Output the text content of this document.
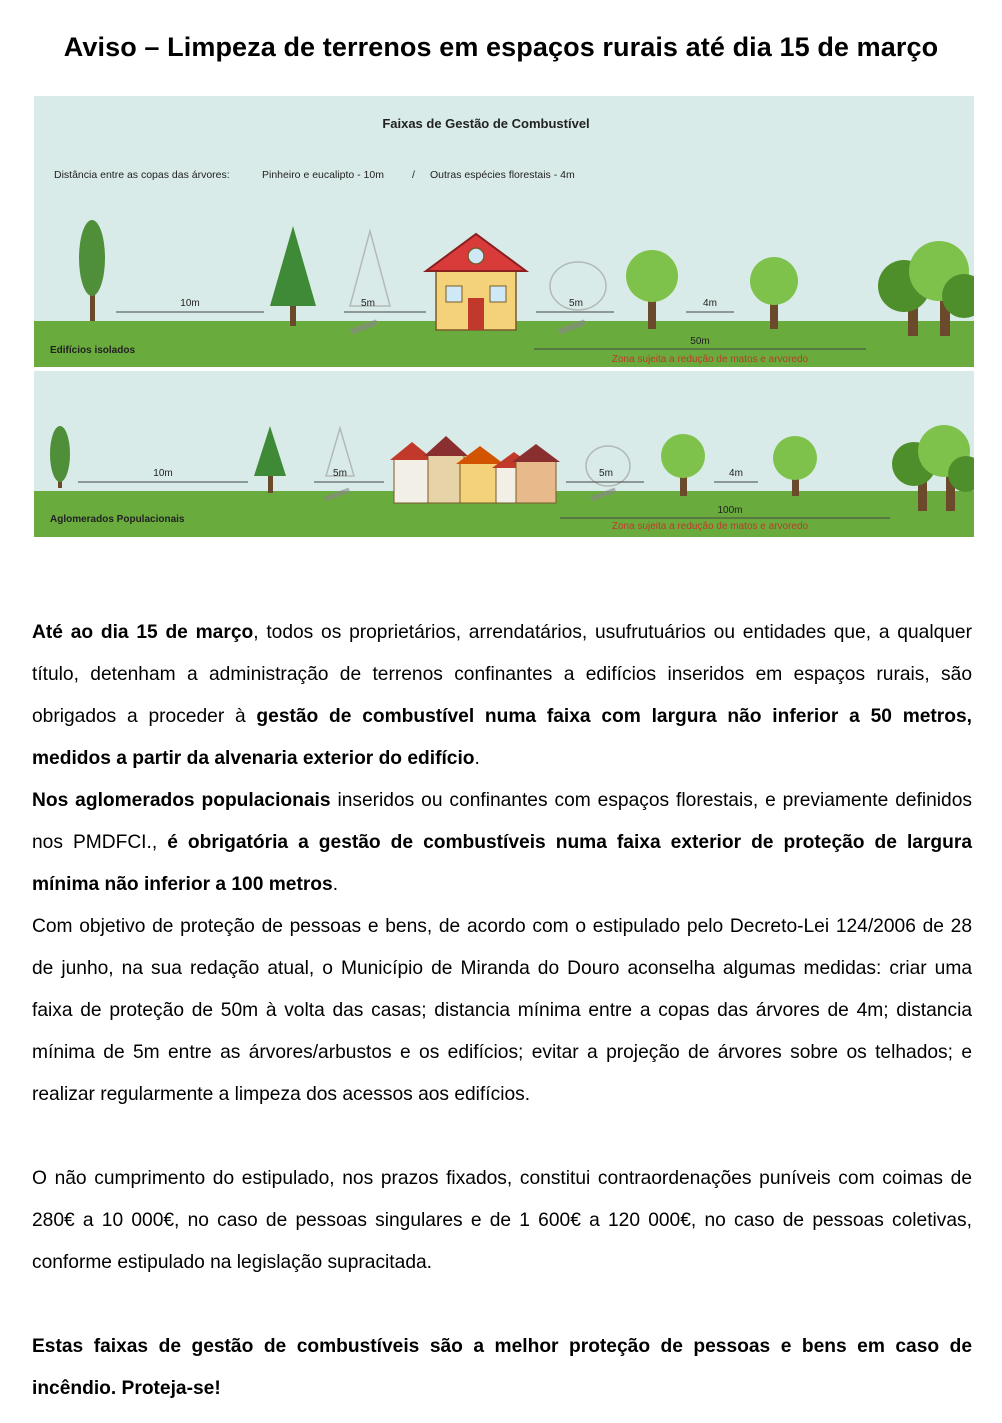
Aviso – Limpeza de terrenos em espaços rurais até dia 15 de março
Faixas de Gestão de Combustível
Distância entre as copas das árvores:	Pinheiro e eucalipto - 10m	/ Outras espécies florestais - 4m
10m	5m	5m	4m
50m
Zona sujeita a redução de matos e arvoredo
Edifícios isolados
10m	5m	5m	4m
100m
Zona sujeita a redução de matos e arvoredo
Aglomerados Populacionais

Até ao dia 15 de março, todos os proprietários, arrendatários, usufrutuários ou entidades que, a qualquer título, detenham a administração de terrenos confinantes a edifícios inseridos em espaços rurais, são obrigados a proceder à gestão de combustível numa faixa com largura não inferior a 50 metros, medidos a partir da alvenaria exterior do edifício.

Nos aglomerados populacionais inseridos ou confinantes com espaços florestais, e previamente definidos nos PMDFCI., é obrigatória a gestão de combustíveis numa faixa exterior de proteção de largura mínima não inferior a 100 metros.

Com objetivo de proteção de pessoas e bens, de acordo com o estipulado pelo Decreto-Lei 124/2006 de 28 de junho, na sua redação atual, o Município de Miranda do Douro aconselha algumas medidas: criar uma faixa de proteção de 50m à volta das casas; distancia mínima entre a copas das árvores de 4m; distancia mínima de 5m entre as árvores/arbustos e os edifícios; evitar a projeção de árvores sobre os telhados; e realizar regularmente a limpeza dos acessos aos edifícios.

O não cumprimento do estipulado, nos prazos fixados, constitui contraordenações puníveis com coimas de 280€ a 10 000€, no caso de pessoas singulares e de 1 600€ a 120 000€, no caso de pessoas coletivas, conforme estipulado na legislação supracitada.

Estas faixas de gestão de combustíveis são a melhor proteção de pessoas e bens em caso de incêndio. Proteja-se!
